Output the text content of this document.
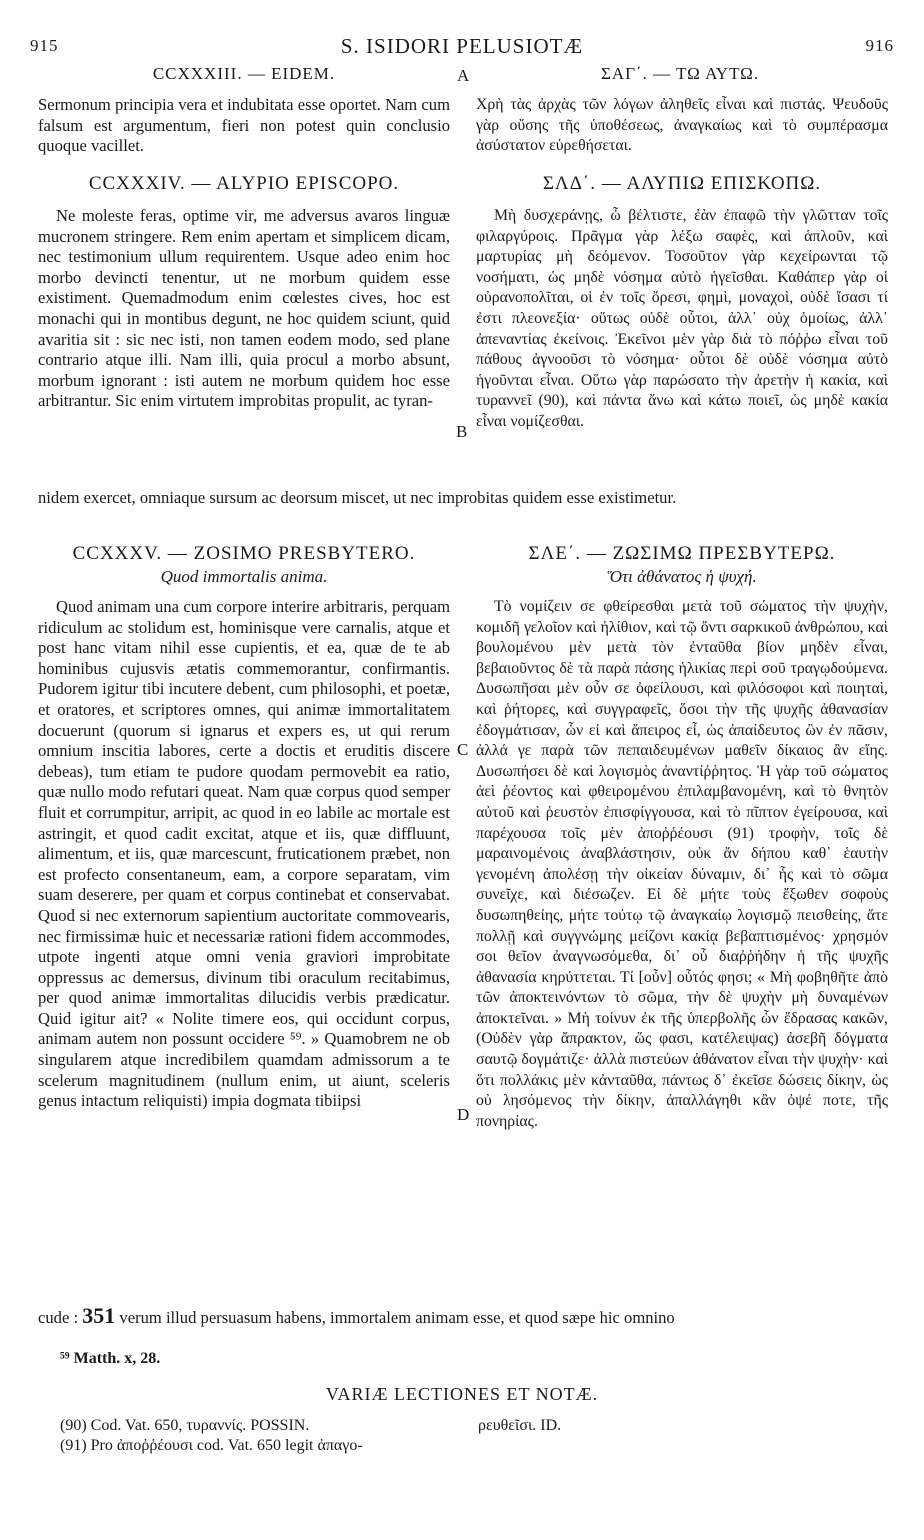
915	S. ISIDORI PELUSIOTÆ	916
CCXXXIII. — EIDEM.	A	ΣΑΓ΄. — ΤΩ ΑΥΤΩ.

Sermonum principia vera et indubitata esse oportet. Nam cum falsum est argumentum, fieri non potest quin conclusio quoque vacillet.

Χρὴ τὰς ἀρχὰς τῶν λόγων ἀληθεῖς εἶναι καὶ πιστάς. Ψευδοῦς γὰρ οὔσης τῆς ὑποθέσεως, ἀναγκαίως καὶ τὸ συμπέρασμα ἀσύστατον εὑρεθήσεται.

CCXXXIV. — ALYPIO EPISCOPO.	ΣΛΔ΄. — ΑΛΥΠΙΩ ΕΠΙΣΚΟΠΩ.

Ne moleste feras, optime vir, me adversus avaros linguæ mucronem stringere. Rem enim apertam et simplicem dicam, nec testimonium ullum requirentem. Usque adeo enim hoc morbo devincti tenentur, ut ne morbum quidem esse existiment. Quemadmodum enim cœlestes cives, hoc est monachi qui in montibus degunt, ne hoc quidem sciunt, quid avaritia sit : sic nec isti, non tamen eodem modo, sed plane contrario atque illi. Nam illi, quia procul a morbo absunt, morbum ignorant : isti autem ne morbum quidem hoc esse arbitrantur. Sic enim virtutem improbitas propulit, ac tyran-

B

Μὴ δυσχεράνῃς, ὦ βέλτιστε, ἐὰν ἐπαφῶ τὴν γλῶτταν τοῖς φιλαργύροις. Πρᾶγμα γὰρ λέξω σαφὲς, καὶ ἁπλοῦν, καὶ μαρτυρίας μὴ δεόμενον. Τοσοῦτον γὰρ κεχείρωνται τῷ νοσήματι, ὡς μηδὲ νόσημα αὐτὸ ἡγεῖσθαι. Καθάπερ γὰρ οἱ οὐρανοπολῖται, οἱ ἐν τοῖς ὄρεσι, φημὶ, μοναχοὶ, οὐδὲ ἴσασι τί ἐστι πλεονεξία· οὕτως οὐδὲ οὗτοι, ἀλλ᾽ οὐχ ὁμοίως, ἀλλ᾽ ἀπεναντίας ἐκείνοις. Ἐκεῖνοι μὲν γὰρ διὰ τὸ πόῤῥω εἶναι τοῦ πάθους ἀγνοοῦσι τὸ νόσημα· οὗτοι δὲ οὐδὲ νόσημα αὐτὸ ἡγοῦνται εἶναι. Οὕτω γὰρ παρώσατο τὴν ἀρετὴν ἡ κακία, καὶ τυραννεῖ (90), καὶ πάντα ἄνω καὶ κάτω ποιεῖ, ὡς μηδὲ κακία εἶναι νομίζεσθαι.

nidem exercet, omniaque sursum ac deorsum miscet, ut nec improbitas quidem esse existimetur.
CCXXXV. — ZOSIMO PRESBYTERO.
Quod immortalis anima.
ΣΛΕ΄. — ΖΩΣΙΜΩ ΠΡΕΣΒΥΤΕΡΩ.
Ὅτι ἀθάνατος ἡ ψυχή.

Quod animam una cum corpore interire arbitraris, perquam ridiculum ac stolidum est, hominisque vere carnalis, atque et post hanc vitam nihil esse cupientis, et ea, quæ de te ab hominibus cujusvis ætatis commemorantur, confirmantis. Pudorem igitur tibi incutere debent, cum philosophi, et poetæ, et oratores, et scriptores omnes, qui animæ immortalitatem docuerunt (quorum si ignarus et expers es, ut qui rerum omnium inscitia labores, certe a doctis et eruditis discere debeas), tum etiam te pudore quodam permovebit ea ratio, quæ nullo modo refutari queat. Nam quæ corpus quod semper fluit et corrumpitur, arripit, ac quod in eo labile ac mortale est astringit, et quod cadit excitat, atque et iis, quæ diffluunt, alimentum, et iis, quæ marcescunt, fruticationem præbet, non est profecto consentaneum, eam, a corpore separatam, vim suam deserere, per quam et corpus continebat et conservabat. Quod si nec externorum sapientium auctoritate commovearis, nec firmissimæ huic et necessariæ rationi fidem accommodes, utpote ingenti atque omni venia graviori improbitate oppressus ac demersus, divinum tibi oraculum recitabimus, per quod animæ immortalitas dilucidis verbis prædicatur. Quid igitur ait? « Nolite timere eos, qui occidunt corpus, animam autem non possunt occidere ⁵⁹. » Quamobrem ne ob singularem atque incredibilem quamdam admissorum a te scelerum magnitudinem (nullum enim, ut aiunt, sceleris genus intactum reliquisti) impia dogmata tibiipsi

C
D

Τὸ νομίζειν σε φθείρεσθαι μετὰ τοῦ σώματος τὴν ψυχὴν, κομιδῆ γελοῖον καὶ ἠλίθιον, καὶ τῷ ὄντι σαρκικοῦ ἀνθρώπου, καὶ βουλομένου μὲν μετὰ τὸν ἐνταῦθα βίον μηδὲν εἶναι, βεβαιοῦντος δὲ τὰ παρὰ πάσης ἡλικίας περὶ σοῦ τραγῳδούμενα. Δυσωπῆσαι μὲν οὖν σε ὀφείλουσι, καὶ φιλόσοφοι καὶ ποιηταὶ, καὶ ῥήτορες, καὶ συγγραφεῖς, ὅσοι τὴν τῆς ψυχῆς ἀθανασίαν ἐδογμάτισαν, ὧν εἰ καὶ ἄπειρος εἶ, ὡς ἀπαίδευτος ὢν ἐν πᾶσιν, ἀλλά γε παρὰ τῶν πεπαιδευμένων μαθεῖν δίκαιος ἂν εἴης. Δυσωπήσει δὲ καὶ λογισμὸς ἀναντίῤῥητος. Ἡ γὰρ τοῦ σώματος ἀεὶ ῥέοντος καὶ φθειρομένου ἐπιλαμβανομένη, καὶ τὸ θνητὸν αὐτοῦ καὶ ῥευστὸν ἐπισφίγγουσα, καὶ τὸ πῖπτον ἐγείρουσα, καὶ παρέχουσα τοῖς μὲν ἀποῤῥέουσι (91) τροφὴν, τοῖς δὲ μαραινομένοις ἀναβλάστησιν, οὐκ ἄν δήπου καθ᾽ ἑαυτὴν γενομένη ἀπολέσῃ τὴν οἰκείαν δύναμιν, δι᾽ ἧς καὶ τὸ σῶμα συνεῖχε, καὶ διέσωζεν. Εἰ δὲ μήτε τοὺς ἔξωθεν σοφοὺς δυσωπηθείης, μήτε τούτῳ τῷ ἀναγκαίῳ λογισμῷ πεισθείης, ἅτε πολλῇ καὶ συγγνώμης μείζονι κακίᾳ βεβαπτισμένος· χρησμόν σοι θεῖον ἀναγνωσόμεθα, δι᾽ οὗ διαῤῥήδην ἡ τῆς ψυχῆς ἀθανασία κηρύττεται. Τί [οὖν] οὗτός φησι; « Μὴ φοβηθῆτε ἀπὸ τῶν ἀποκτεινόντων τὸ σῶμα, τὴν δὲ ψυχὴν μὴ δυναμένων ἀποκτεῖναι. » Μὴ τοίνυν ἐκ τῆς ὑπερβολῆς ὧν ἔδρασας κακῶν, (Οὐδὲν γὰρ ἄπρακτον, ὥς φασι, κατέλειψας) ἀσεβῆ δόγματα σαυτῷ δογμάτιζε· ἀλλὰ πιστεύων ἀθάνατον εἶναι τὴν ψυχὴν· καὶ ὅτι πολλάκις μὲν κἀνταῦθα, πάντως δ᾽ ἐκεῖσε δώσεις δίκην, ὡς οὐ λησόμενος τὴν δίκην, ἀπαλλάγηθι κἂν ὀψέ ποτε, τῆς πονηρίας.

cude : 351 verum illud persuasum habens, immortalem animam esse, et quod sæpe hic omnino
⁵⁹ Matth. x, 28.
VARIÆ LECTIONES ET NOTÆ.
(90) Cod. Vat. 650, τυραννίς. POSSIN.
(91) Pro ἀποῤῥέουσι cod. Vat. 650 legit ἀπαγο-
ρευθεῖσι. ID.
